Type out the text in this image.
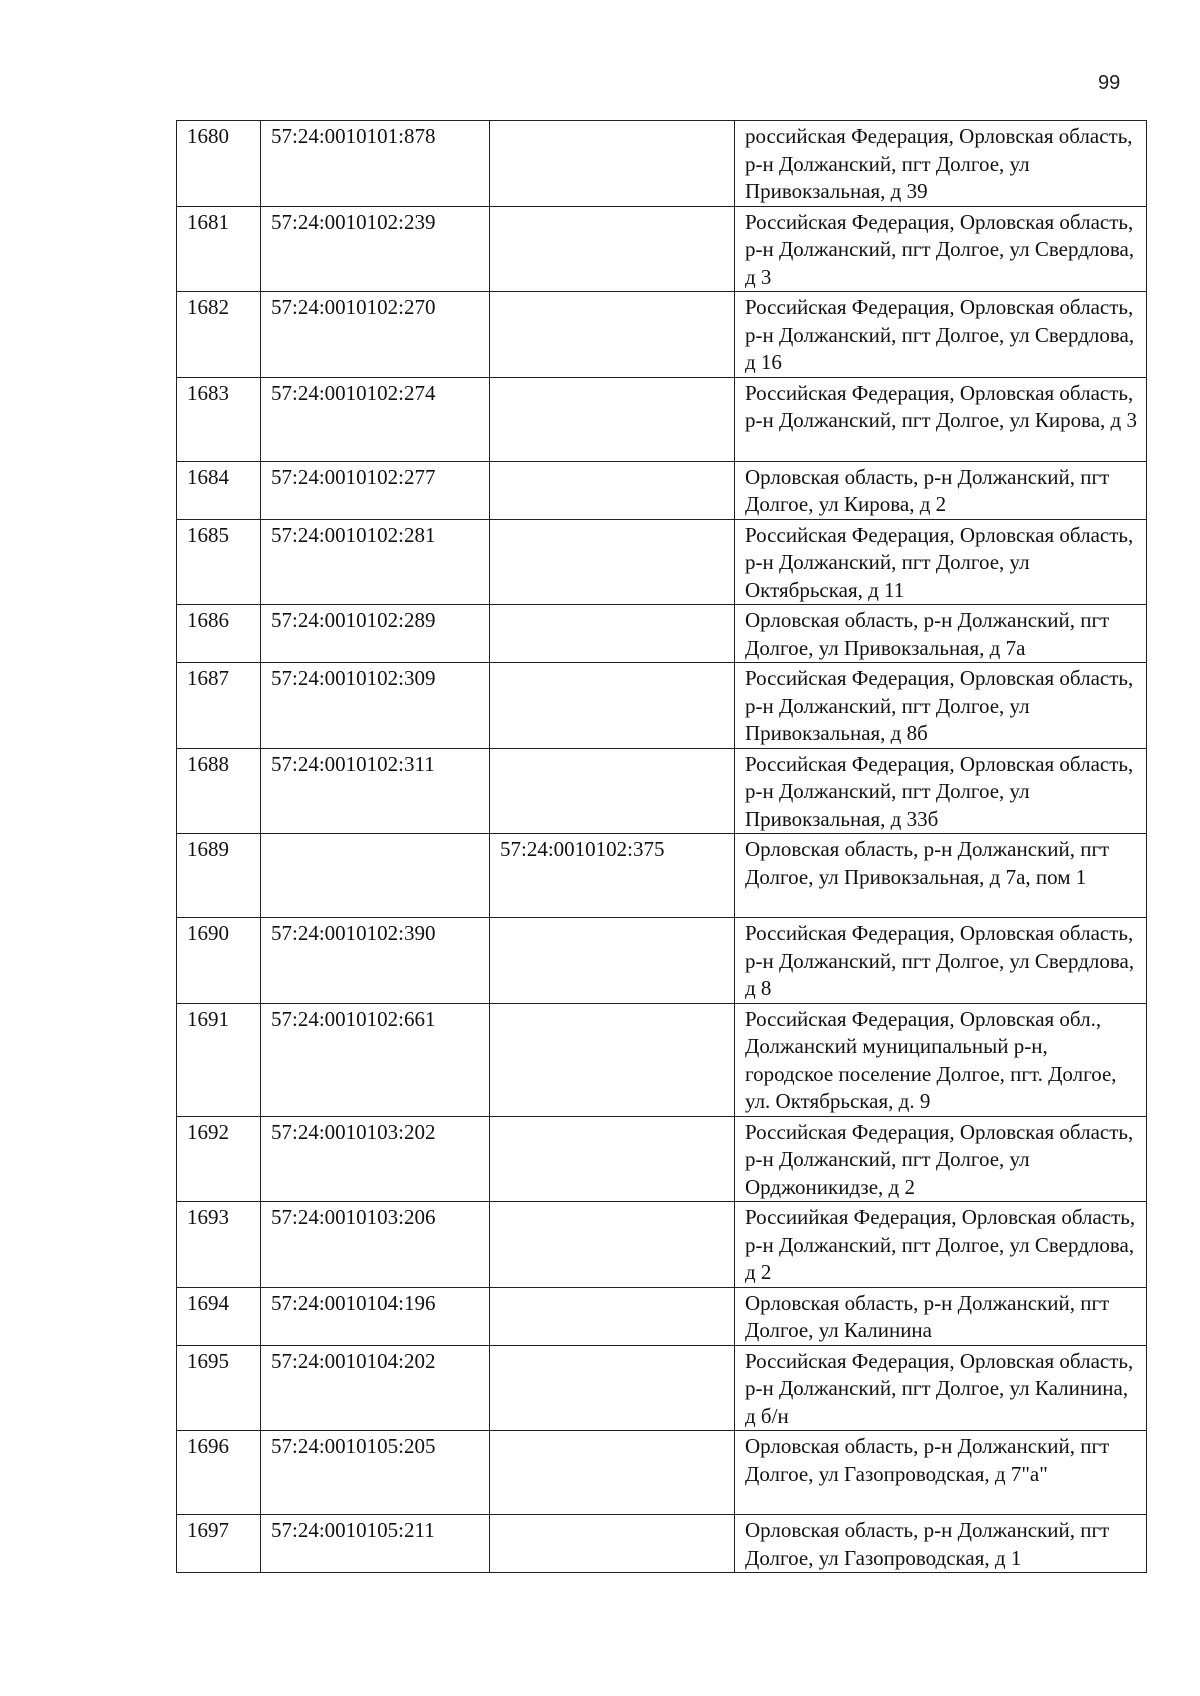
99
1680	57:24:0010101:878		российская Федерация, Орловская область, р-н Должанский, пгт Долгое, ул Привокзальная, д 39
1681	57:24:0010102:239		Российская Федерация, Орловская область, р-н Должанский, пгт Долгое, ул Свердлова, д 3
1682	57:24:0010102:270		Российская Федерация, Орловская область, р-н Должанский, пгт Долгое, ул Свердлова, д 16
1683	57:24:0010102:274		Российская Федерация, Орловская область, р-н Должанский, пгт Долгое, ул Кирова, д 3
1684	57:24:0010102:277		Орловская область, р-н Должанский, пгт Долгое, ул Кирова, д 2
1685	57:24:0010102:281		Российская Федерация, Орловская область, р-н Должанский, пгт Долгое, ул Октябрьская, д 11
1686	57:24:0010102:289		Орловская область, р-н Должанский, пгт Долгое, ул Привокзальная, д 7а
1687	57:24:0010102:309		Российская Федерация, Орловская область, р-н Должанский, пгт Долгое, ул Привокзальная, д 8б
1688	57:24:0010102:311		Российская Федерация, Орловская область, р-н Должанский, пгт Долгое, ул Привокзальная, д 33б
1689		57:24:0010102:375	Орловская область, р-н Должанский, пгт Долгое, ул Привокзальная, д 7а, пом 1
1690	57:24:0010102:390		Российская Федерация, Орловская область, р-н Должанский, пгт Долгое, ул Свердлова, д 8
1691	57:24:0010102:661		Российская Федерация, Орловская обл., Должанский муниципальный р-н, городское поселение Долгое, пгт. Долгое, ул. Октябрьская, д. 9
1692	57:24:0010103:202		Российская Федерация, Орловская область, р-н Должанский, пгт Долгое, ул Орджоникидзе, д 2
1693	57:24:0010103:206		Россиийкая Федерация, Орловская область, р-н Должанский, пгт Долгое, ул Свердлова, д 2
1694	57:24:0010104:196		Орловская область, р-н Должанский, пгт Долгое, ул Калинина
1695	57:24:0010104:202		Российская Федерация, Орловская область, р-н Должанский, пгт Долгое, ул Калинина, д б/н
1696	57:24:0010105:205		Орловская область, р-н Должанский, пгт Долгое, ул Газопроводская, д 7"а"
1697	57:24:0010105:211		Орловская область, р-н Должанский, пгт Долгое, ул Газопроводская, д 1
